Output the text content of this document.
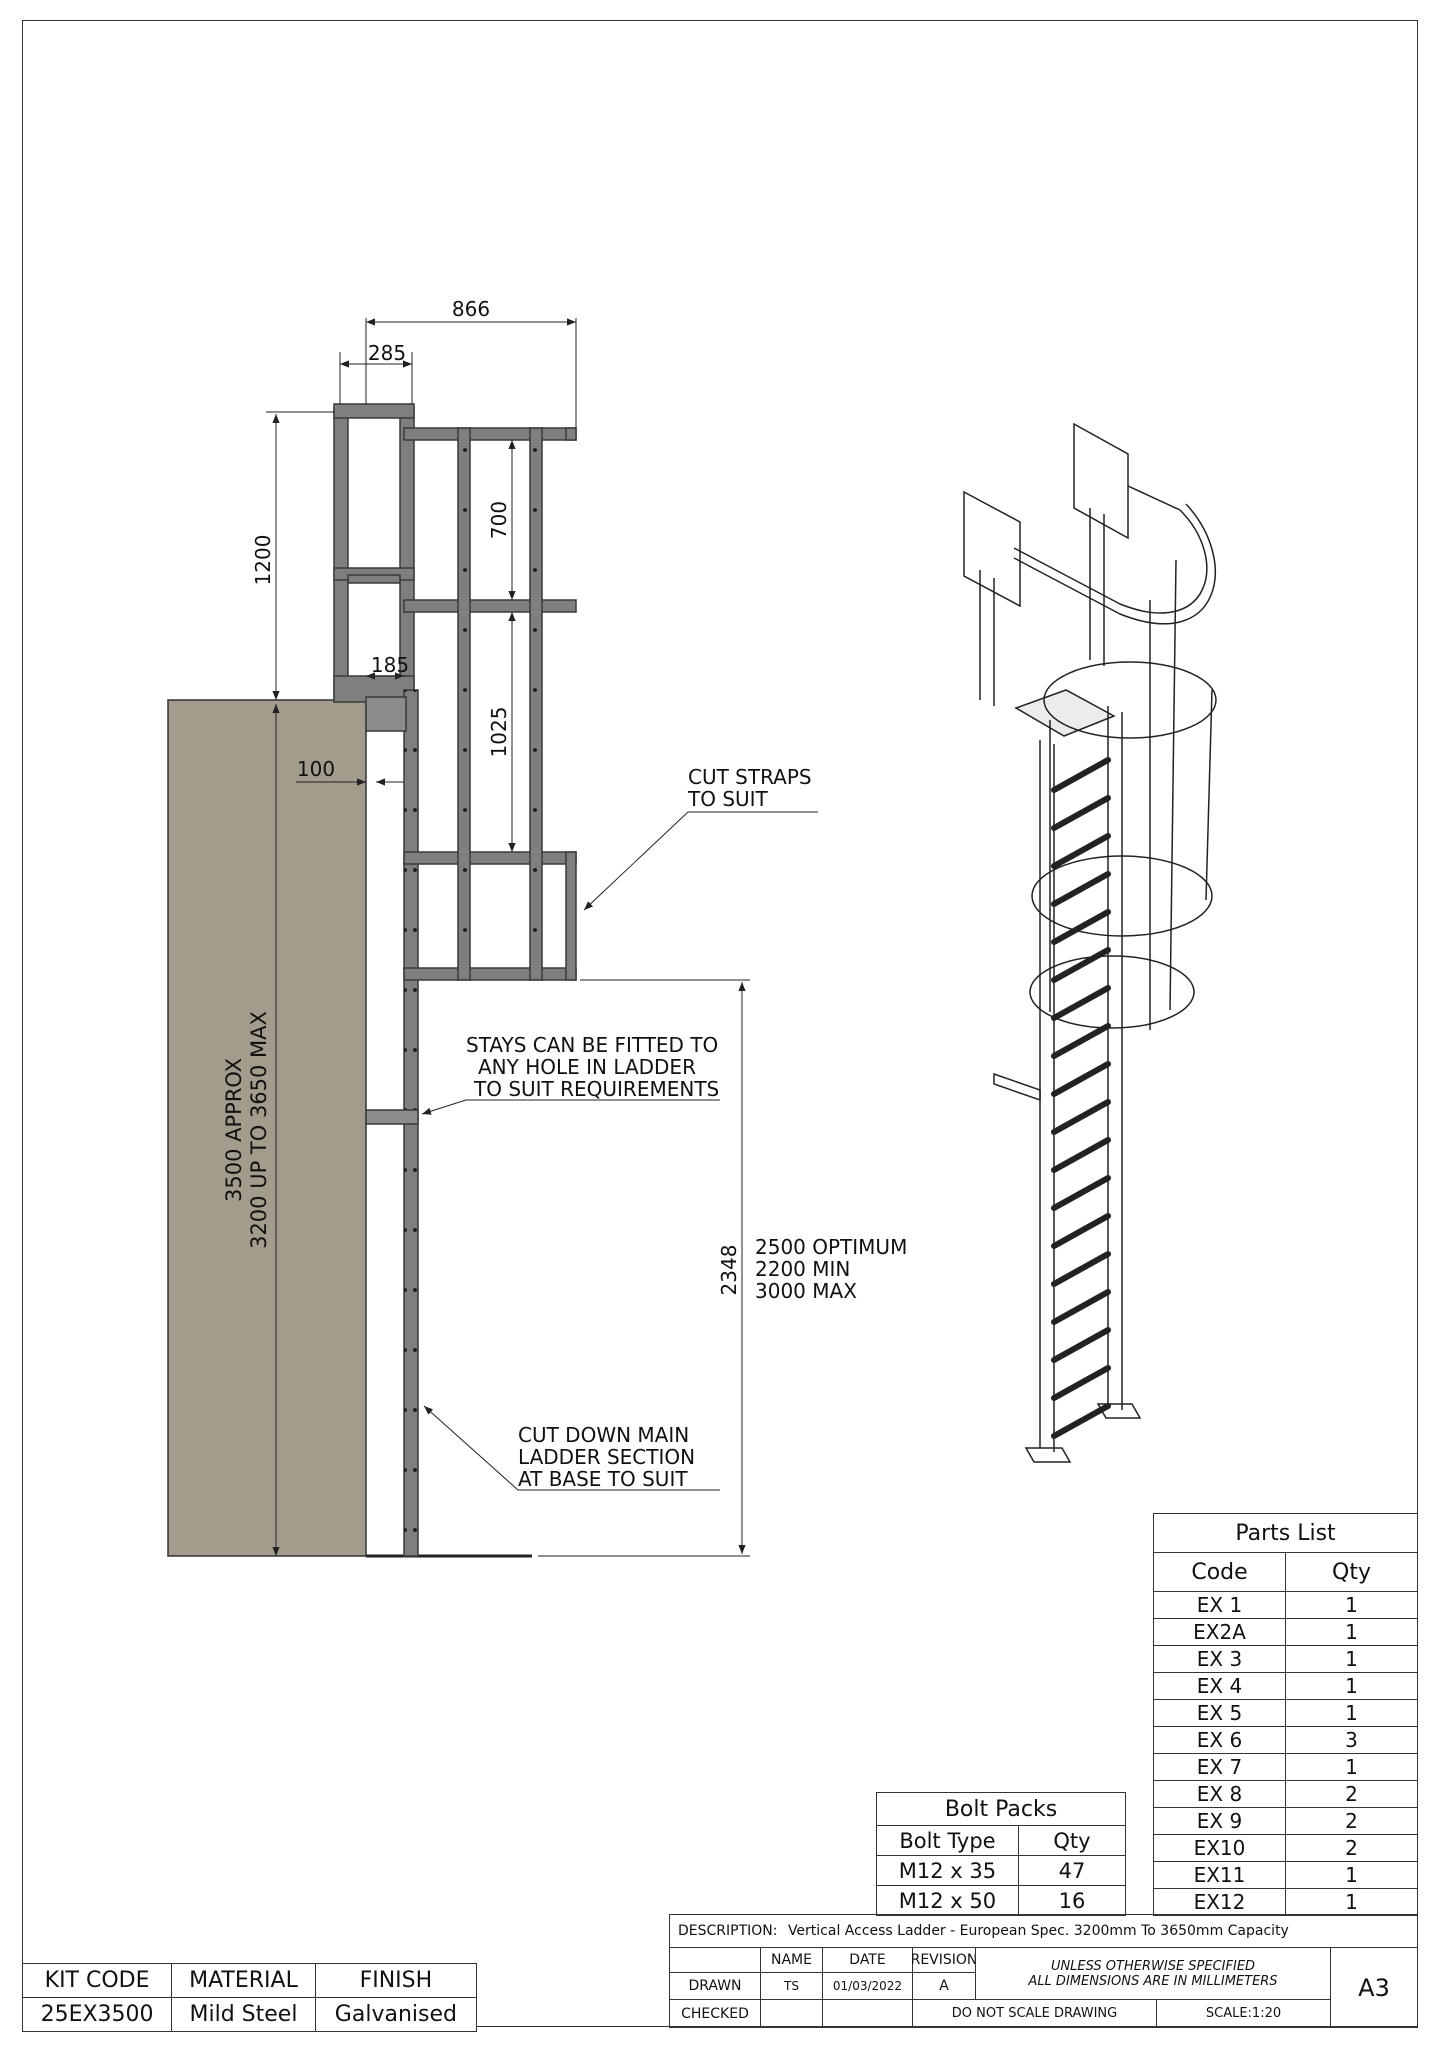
866
285
1200
700
185
1025
100
3500 APPROX 3200 UP TO 3650 MAX
2348
CUT STRAPS
TO SUIT
STAYS CAN BE FITTED TO
ANY HOLE IN LADDER
TO SUIT REQUIREMENTS
2500 OPTIMUM
2200 MIN
3000 MAX
CUT DOWN MAIN
LADDER SECTION
AT BASE TO SUIT
Parts List	
Code	Qty
EX 1	1
EX2A	1
EX 3	1
EX 4	1
EX 5	1
EX 6	3
EX 7	1
EX 8	2
EX 9	2
EX10	2
EX11	1
EX12	1
Bolt Packs	
Bolt Type	Qty
M12 x 35	47
M12 x 50	16
KIT CODE	MATERIAL	FINISH
25EX3500	Mild Steel	Galvanised
DESCRIPTION:
Vertical Access Ladder - European Spec. 3200mm To 3650mm Capacity
NAME	DATE	REVISION
DRAWN	TS	01/03/2022	A
CHECKED
UNLESS OTHERWISE SPECIFIED
ALL DIMENSIONS ARE IN MILLIMETERS
DO NOT SCALE DRAWING	SCALE:1:20
A3
